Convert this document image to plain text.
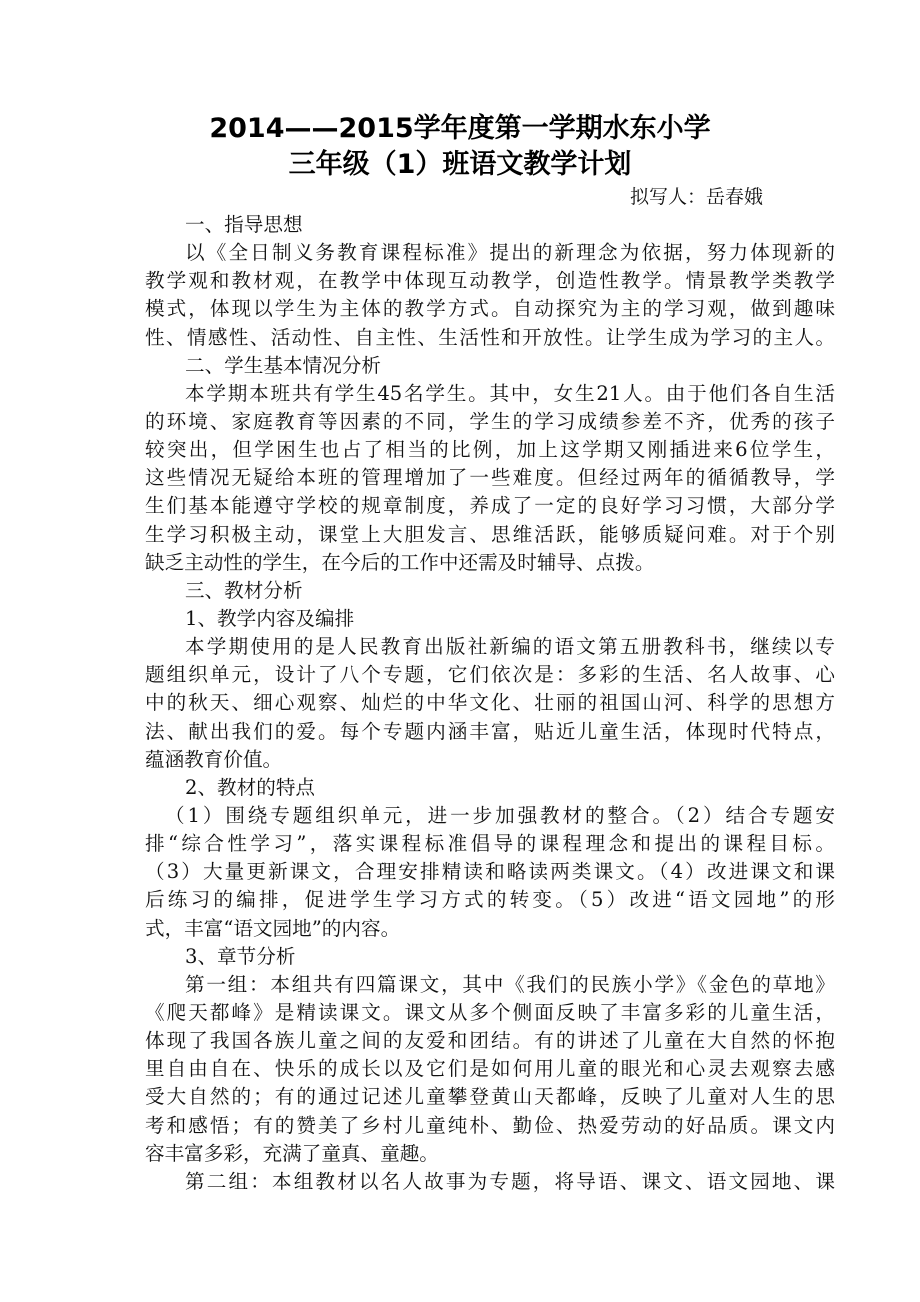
2014——2015学年度第一学期水东小学
三年级（1）班语文教学计划
拟写人：岳春娥
一、指导思想
以《全日制义务教育课程标准》提出的新理念为依据，努力体现新的
教学观和教材观，在教学中体现互动教学，创造性教学。情景教学类教学
模式，体现以学生为主体的教学方式。自动探究为主的学习观，做到趣味
性、情感性、活动性、自主性、生活性和开放性。让学生成为学习的主人。
二、学生基本情况分析
本学期本班共有学生45名学生。其中，女生21人。由于他们各自生活
的环境、家庭教育等因素的不同，学生的学习成绩参差不齐，优秀的孩子
较突出，但学困生也占了相当的比例，加上这学期又刚插进来6位学生，
这些情况无疑给本班的管理增加了一些难度。但经过两年的循循教导，学
生们基本能遵守学校的规章制度，养成了一定的良好学习习惯，大部分学
生学习积极主动，课堂上大胆发言、思维活跃，能够质疑问难。对于个别
缺乏主动性的学生，在今后的工作中还需及时辅导、点拨。
三、教材分析
1、教学内容及编排
本学期使用的是人民教育出版社新编的语文第五册教科书，继续以专
题组织单元，设计了八个专题，它们依次是：多彩的生活、名人故事、心
中的秋天、细心观察、灿烂的中华文化、壮丽的祖国山河、科学的思想方
法、献出我们的爱。每个专题内涵丰富，贴近儿童生活，体现时代特点，
蕴涵教育价值。
2、教材的特点
（1）围绕专题组织单元，进一步加强教材的整合。（2）结合专题安
排“综合性学习”，落实课程标准倡导的课程理念和提出的课程目标。
（3）大量更新课文，合理安排精读和略读两类课文。（4）改进课文和课
后练习的编排，促进学生学习方式的转变。（5）改进“语文园地”的形
式，丰富“语文园地”的内容。
3、章节分析
第一组：本组共有四篇课文，其中《我们的民族小学》《金色的草地》
《爬天都峰》是精读课文。课文从多个侧面反映了丰富多彩的儿童生活，
体现了我国各族儿童之间的友爱和团结。有的讲述了儿童在大自然的怀抱
里自由自在、快乐的成长以及它们是如何用儿童的眼光和心灵去观察去感
受大自然的；有的通过记述儿童攀登黄山天都峰，反映了儿童对人生的思
考和感悟；有的赞美了乡村儿童纯朴、勤俭、热爱劳动的好品质。课文内
容丰富多彩，充满了童真、童趣。
第二组：本组教材以名人故事为专题，将导语、课文、语文园地、课
